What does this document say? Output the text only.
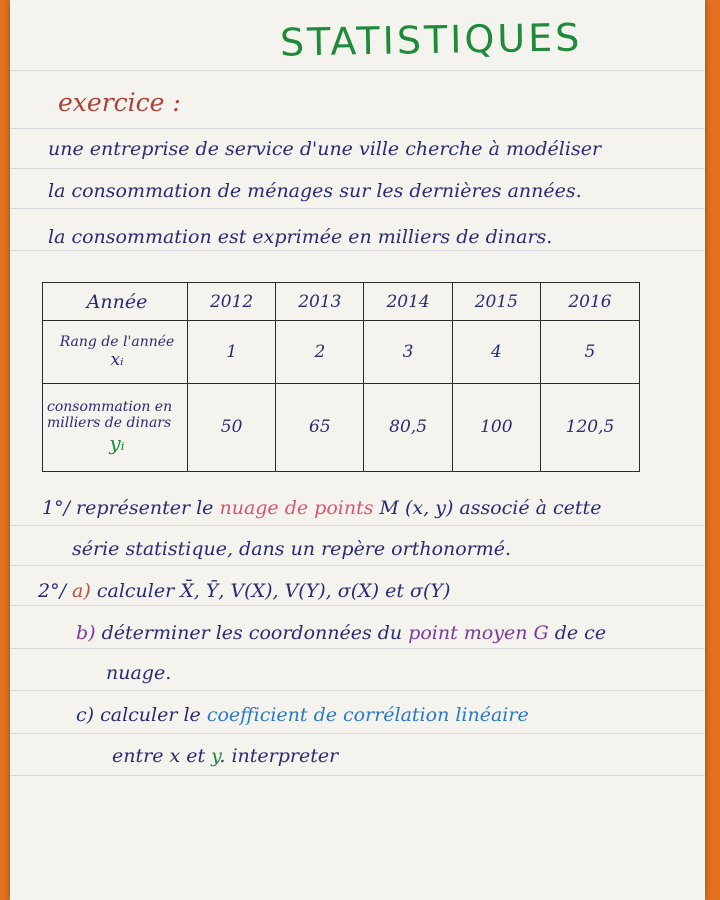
STATISTIQUES
exercice :
une entreprise de service d'une ville cherche à modéliser
la consommation de ménages sur les dernières années.
la consommation est exprimée en milliers de dinars.
Année	2012	2013	2014	2015	2016

Rang de l'année
xᵢ	1	2	3	4	5

consommation en
milliers de dinars
yᵢ	50	65	80,5	100	120,5
1°/ représenter le nuage de points M (x, y) associé à cette
série statistique, dans un repère orthonormé.
2°/ a) calculer X̄, Ȳ, V(X), V(Y), σ(X) et σ(Y)
b) déterminer les coordonnées du point moyen G de ce
nuage.
c) calculer le coefficient de corrélation linéaire
entre x et y. interpreter
